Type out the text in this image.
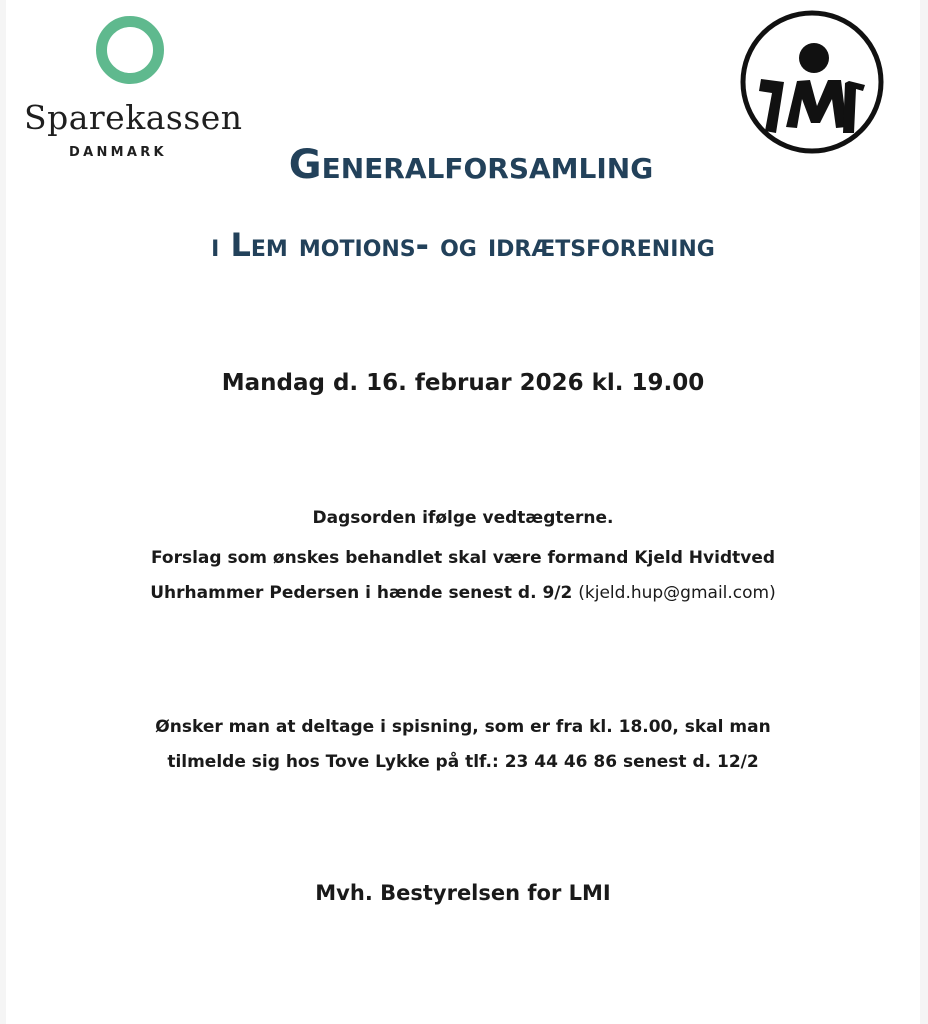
Sparekassen
DANMARK	Generalforsamling
i Lem motions- og idrætsforening
Mandag d. 16. februar 2026 kl. 19.00
Dagsorden ifølge vedtægterne.
Forslag som ønskes behandlet skal være formand Kjeld Hvidtved
Uhrhammer Pedersen i hænde senest d. 9/2 (kjeld.hup@gmail.com)
Ønsker man at deltage i spisning, som er fra kl. 18.00, skal man
tilmelde sig hos Tove Lykke på tlf.: 23 44 46 86 senest d. 12/2
Mvh. Bestyrelsen for LMI
